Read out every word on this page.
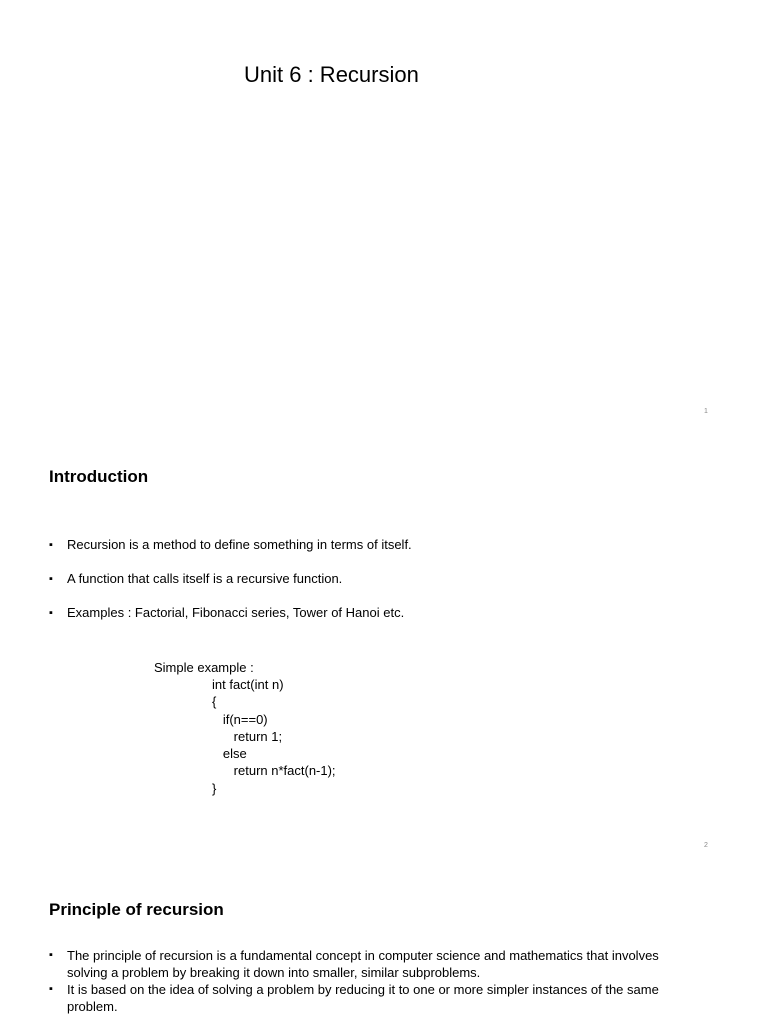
Unit 6 : Recursion
1
Introduction
▪ Recursion is a method to define something in terms of itself.
▪ A function that calls itself is a recursive function.
▪ Examples : Factorial, Fibonacci series, Tower of Hanoi etc.
Simple example :
int fact(int n)
{
if(n==0)
return 1;
else
return n*fact(n-1);
}
2
Principle of recursion
▪ The principle of recursion is a fundamental concept in computer science and mathematics that involves solving a problem by breaking it down into smaller, similar subproblems.
▪ It is based on the idea of solving a problem by reducing it to one or more simpler instances of the same problem.
